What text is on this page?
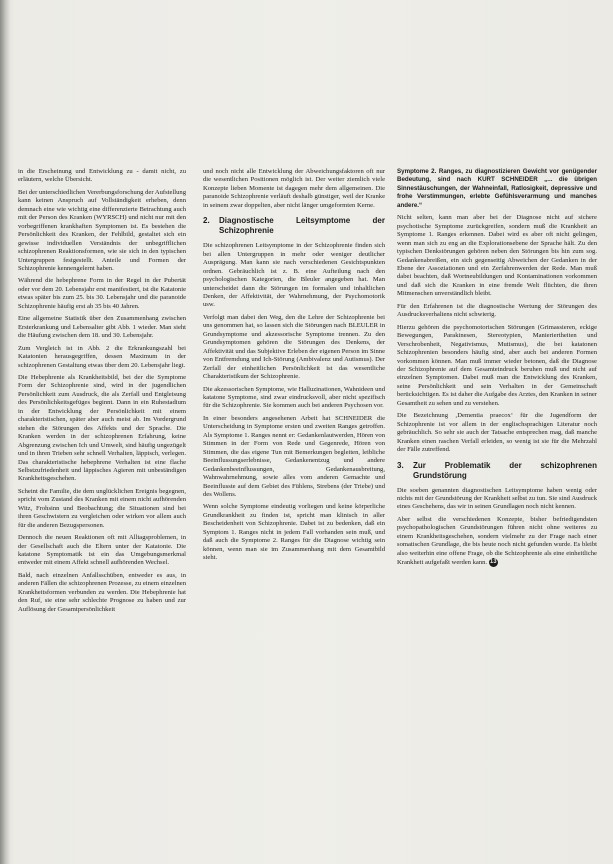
in die Erscheinung und Entwicklung zu - damit nicht, zu erläutern, welche Übersicht.

Bei der unterschiedlichen Vererbungsforschung der Aufstellung kann keinen Anspruch auf Vollständigkeit erheben, denn demnach eine wie wichtig eine differenzierte Betrachtung auch mit der Person des Kranken (WYRSCH) und nicht nur mit den vorbegriffenen krankhaften Symptomen ist. Es bestehen die Persönlichkeit des Kranken, der Fehlbild, gestaltet sich ein gewisse individuellen Verständnis der unbegrifflichen schizophrenen Reaktionsformen, wie sie sich in den typischen Untergruppen festgestellt. Anteile und Formen der Schizophrenie kennengelernt haben.

Während die hebephrene Form in der Regel in der Pubertät oder vor dem 20. Lebensjahr erst manifestiert, ist die Katatonie etwas später bis zum 25. bis 30. Lebensjahr und die paranoide Schizophrenie häufig erst ab 35 bis 40 Jahren.

Eine allgemeine Statistik über den Zusammenhang zwischen Ersterkrankung und Lebensalter gibt Abb. 1 wieder. Man sieht die Häufung zwischen dem 18. und 30. Lebensjahr.

Zum Vergleich ist in Abb. 2 die Erkrankungszahl bei Katatonien herausgegriffen, dessen Maximum in der schizophrenen Gestaltung etwas über dem 20. Lebensjahr liegt.

Die Hebephrenie als Krankheitsbild, bei der die Symptome Form der Schizophrenie sind, wird in der jugendlichen Persönlichkeit zum Ausdruck, die als Zerfall und Entgleisung des Persönlichkeitsgefüges beginnt. Dann in ein Ruhestadium in der Entwicklung der Persönlichkeit mit einem charakteristischen, später aber auch meist ab. Im Vordergrund stehen die Störungen des Affekts und der Sprache. Die Kranken werden in der schizophrenen Erfahrung, keine Abgrenzung zwischen Ich und Umwelt, sind häufig ungezügelt und in ihren Trieben sehr schnell Verhalten, läppisch, verlegen. Das charakteristische hebephrene Verhalten ist eine flache Selbstzufriedenheit und läppisches Agieren mit unbeständigen Krankheitsgeschehen.

Scheint die Familie, die dem unglücklichen Ereignis begegnen, spricht vom Zustand des Kranken mit einem nicht aufhörenden Witz, Frohsinn und Beobachtung; die Situationen sind bei ihren Geschwistern zu vergleichen oder wirken vor allem auch für die anderen Bezugspersonen.

Dennoch die neuen Reaktionen oft mit Alltagsproblemen, in der Gesellschaft auch die Eltern unter der Katatonie. Die katatone Symptomatik ist ein das Umgebungsmerkmal entweder mit einem Affekt schnell aufhörenden Wechsel.

Bald, nach einzelnen Anfallsschüben, entweder es aus, in anderen Fällen die schizophrenen Prozesse, zu einem einzelnen Krankheitsformen verbunden zu werden. Die Hebephrenie hat den Ruf, sie eine sehr schlechte Prognose zu haben und zur Auflösung der Gesamtpersönlichkeit

und noch nicht alle Entwicklung der Abweichungsfaktoren oft nur die wesentlichen Positionen möglich ist. Der weiter ziemlich viele Konzepte lieben Momente ist dagegen mehr dem allgemeinen. Die paranoide Schizophrenie verläuft deshalb günstiger, weil der Kranke in seinem zwar doppelten, aber nicht länger umgeformten Kerne.

2.	Diagnostische Leitsymptome der Schizophrenie

Die schizophrenen Leitsymptome in der Schizophrenie finden sich bei allen Untergruppen in mehr oder weniger deutlicher Ausprägung. Man kann sie nach verschiedenen Gesichtspunkten ordnen. Gebräuchlich ist z. B. eine Aufteilung nach den psychologischen Kategorien, die Bleuler angegeben hat. Man unterscheidet dann die Störungen im formalen und inhaltlichen Denken, der Affektivität, der Wahrnehmung, der Psychomotorik usw.

Verfolgt man dabei den Weg, den die Lehre der Schizophrenie bei uns genommen hat, so lassen sich die Störungen nach BLEULER in Grundsymptome und akzessorische Symptome trennen. Zu den Grundsymptomen gehören die Störungen des Denkens, der Affektivität und das Subjektive Erleben der eigenen Person im Sinne von Entfremdung und Ich-Störung (Ambivalenz und Autismus). Der Zerfall der einheitlichen Persönlichkeit ist das wesentliche Charakteristikum der Schizophrenie.

Die akzessorischen Symptome, wie Halluzinationen, Wahnideen und katatone Symptome, sind zwar eindrucksvoll, aber nicht spezifisch für die Schizophrenie. Sie kommen auch bei anderen Psychosen vor.

In einer besonders angesehenen Arbeit hat SCHNEIDER die Unterscheidung in Symptome ersten und zweiten Ranges getroffen. Als Symptome 1. Ranges nennt er: Gedankenlautwerden, Hören von Stimmen in der Form von Rede und Gegenrede, Hören von Stimmen, die das eigene Tun mit Bemerkungen begleiten, leibliche Beeinflussungserlebnisse, Gedankenentzug und andere Gedankenbeeinflussungen, Gedankenausbreitung, Wahnwahrnehmung, sowie alles vom anderen Gemachte und Beeinflusste auf dem Gebiet des Fühlens, Strebens (der Triebe) und des Wollens.

Wenn solche Symptome eindeutig vorliegen und keine körperliche Grundkrankheit zu finden ist, spricht man klinisch in aller Bescheidenheit von Schizophrenie. Dabei ist zu bedenken, daß ein Symptom 1. Ranges nicht in jedem Fall vorhanden sein muß, und daß auch die Symptome 2. Ranges für die Diagnose wichtig sein können, wenn man sie im Zusammenhang mit dem Gesamtbild sieht.

Symptome 2. Ranges, zu diagnostizieren Gewicht vor genügender Bedeutung, sind nach KURT SCHNEIDER „... die übrigen Sinnestäuschungen, der Wahneinfall, Ratlosigkeit, depressive und frohe Verstimmungen, erlebte Gefühlsverarmung und manches andere.“

Nicht selten, kann man aber bei der Diagnose nicht auf sichere psychotische Symptome zurückgreifen, sondern muß die Krankheit an Symptome 1. Ranges erkennen. Dabei wird es aber oft nicht gelingen, wenn man sich zu eng an die Explorationsebene der Sprache hält. Zu den typischen Denkstörungen gehören neben den Störungen bis hin zum sog. Gedankenabreißen, ein sich gegenseitig Abweichen der Gedanken in der Ebene der Assoziationen und ein Zerfahrenwerden der Rede. Man muß dabei beachten, daß Wortneubildungen und Kontaminationen vorkommen und daß sich die Kranken in eine fremde Welt flüchten, die ihren Mitmenschen unverständlich bleibt.

Für den Erfahrenen ist die diagnostische Wertung der Störungen des Ausdrucksverhaltens nicht schwierig.

Hierzu gehören die psychomotorischen Störungen (Grimassieren, eckige Bewegungen, Parakinesen, Stereotypien, Manieriertheiten und Verschrobenheit, Negativismus, Mutismus), die bei katatonen Schizophrenien besonders häufig sind, aber auch bei anderen Formen vorkommen können. Man muß immer wieder betonen, daß die Diagnose der Schizophrenie auf dem Gesamteindruck beruhen muß und nicht auf einzelnen Symptomen. Dabei muß man die Entwicklung des Kranken, seine Persönlichkeit und sein Verhalten in der Gemeinschaft berücksichtigen. Es ist daher die Aufgabe des Arztes, den Kranken in seiner Gesamtheit zu sehen und zu verstehen.

Die Bezeichnung ‚Dementia praecox‘ für die Jugendform der Schizophrenie ist vor allem in der englischsprachigen Literatur noch gebräuchlich. So sehr sie auch der Tatsache entsprechen mag, daß manche Kranken einen raschen Verfall erleiden, so wenig ist sie für die Mehrzahl der Fälle zutreffend.

3.	Zur Problematik der schizophrenen Grundstörung

Die soeben genannten diagnostischen Leitsymptome haben wenig oder nichts mit der Grundstörung der Krankheit selbst zu tun. Sie sind Ausdruck eines Geschehens, das wir in seinen Grundlagen noch nicht kennen.

Aber selbst die verschiedenen Konzepte, bisher befriedigendsten psychopathologischen Grundstörungen führen nicht ohne weiteres zu einem Krankheitsgeschehen, sondern vielmehr zu der Frage nach einer somatischen Grundlage, die bis heute noch nicht gefunden wurde. Es bleibt also weiterhin eine offene Frage, ob die Schizophrenie als eine einheitliche Krankheit aufgefaßt werden kann. 13
